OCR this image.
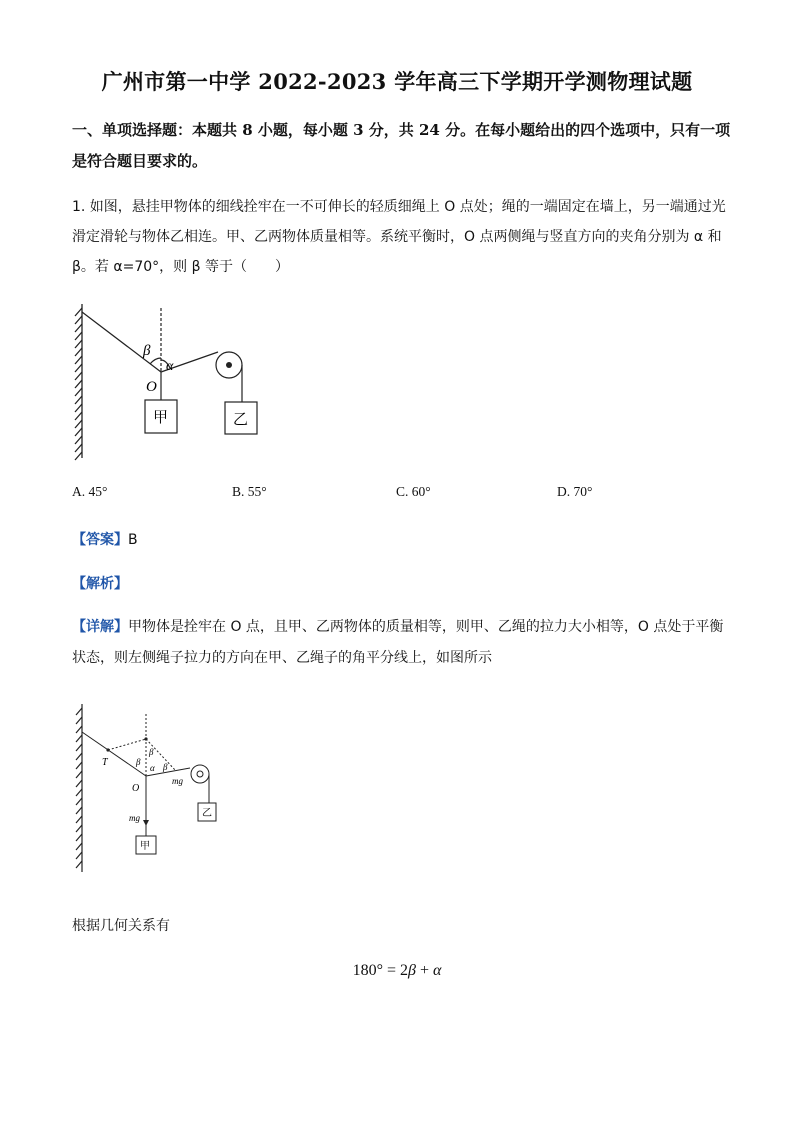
广州市第一中学 2022-2023 学年高三下学期开学测物理试题
一、单项选择题：本题共 8 小题，每小题 3 分，共 24 分。在每小题给出的四个选项中，只有一项是符合题目要求的。
1. 如图，悬挂甲物体的细线拴牢在一不可伸长的轻质细绳上 O 点处；绳的一端固定在墙上，另一端通过光滑定滑轮与物体乙相连。甲、乙两物体质量相等。系统平衡时，O 点两侧绳与竖直方向的夹角分别为 α 和 β。若 α=70°，则 β 等于（　　）
β
α
O
甲	乙
A. 45°	B. 55°	C. 60°	D. 70°
【答案】B
【解析】
【详解】甲物体是拴牢在 O 点，且甲、乙两物体的质量相等，则甲、乙绳的拉力大小相等，O 点处于平衡状态，则左侧绳子拉力的方向在甲、乙绳子的角平分线上，如图所示
T
β
β
α β
O
mg
mg
甲
乙
根据几何关系有
180° = 2β + α
